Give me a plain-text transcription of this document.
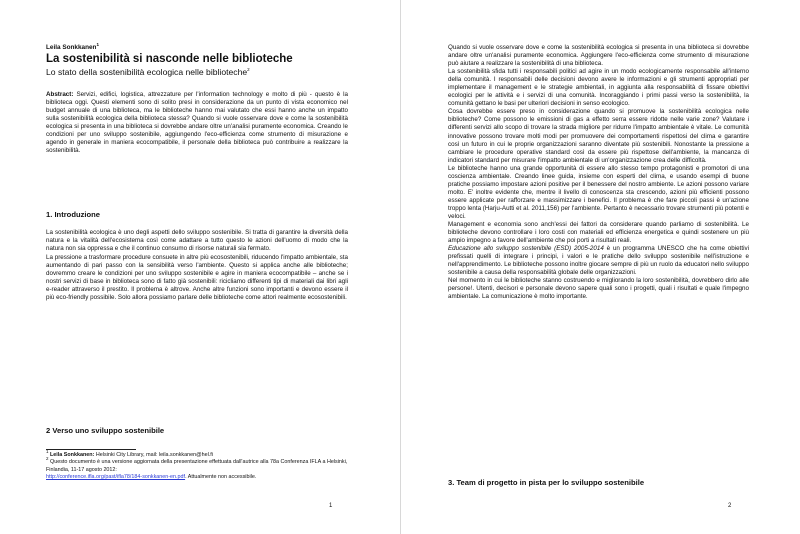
Leila Sonkkanen$^1$
La sostenibilità si nasconde nelle biblioteche
Lo stato della sostenibilità ecologica nelle biblioteche$^2$

Abstract: Servizi, edifici, logistica, attrezzature per l'information technology e molto di più - questo è la biblioteca oggi. Questi elementi sono di solito presi in considerazione da un punto di vista economico nel budget annuale di una biblioteca, ma le biblioteche hanno mai valutato che essi hanno anche un impatto sulla sostenibilità ecologica della biblioteca stessa? Quando si vuole osservare dove e come la sostenibilità ecologica si presenta in una biblioteca si dovrebbe andare oltre un'analisi puramente economica. Creando le condizioni per uno sviluppo sostenibile, aggiungendo l'eco-efficienza come strumento di misurazione e agendo in generale in maniera ecocompatibile, il personale della biblioteca può contribuire a realizzare la sostenibilità.

1. Introduzione

La sostenibilità ecologica è uno degli aspetti dello sviluppo sostenibile. Si tratta di garantire la diversità della natura e la vitalità dell'ecosistema così come adattare a tutto questo le azioni dell'uomo di modo che la natura non sia oppressa e che il continuo consumo di risorse naturali sia fermato.

La pressione a trasformare procedure consuete in altre più ecosostenibili, riducendo l'impatto ambientale, sta aumentando di pari passo con la sensibilità verso l'ambiente. Questo si applica anche alle biblioteche; dovremmo creare le condizioni per uno sviluppo sostenibile e agire in maniera ecocompatibile – anche se i nostri servizi di base in biblioteca sono di fatto già sostenibili: ricicliamo differenti tipi di materiali dai libri agli e-reader attraverso il prestito. Il problema è altrove. Anche altre funzioni sono importanti e devono essere il più eco-friendly possibile. Solo allora possiamo parlare delle biblioteche come attori realmente ecosostenibili.

2 Verso uno sviluppo sostenibile

$^1$ Leila Sonkkanen: Helsinki City Library, mail: leila.sonkkanen@hel.fi

$^2$ Questo documento è una versione aggiornata della presentazione effettuata dall'autrice alla 78a Conferenza IFLA a Helsinki, Finlandia, 11-17 agosto 2012:
http://conference.ifla.org/past/ifla78/184-sonkkanen-en.pdf. Attualmente non accessibile.

1

Quando si vuole osservare dove e come la sostenibilità ecologica si presenta in una biblioteca si dovrebbe andare oltre un'analisi puramente economica. Aggiungere l'eco-efficienza come strumento di misurazione può aiutare a realizzare la sostenibilità di una biblioteca.

La sostenibilità sfida tutti i responsabili politici ad agire in un modo ecologicamente responsabile all'interno della comunità. I responsabili delle decisioni devono avere le informazioni e gli strumenti appropriati per implementare il management e le strategie ambientali, in aggiunta alla responsabilità di fissare obiettivi ecologici per le attività e i servizi di una comunità. Incoraggiando i primi passi verso la sostenibilità, la comunità gettano le basi per ulteriori decisioni in senso ecologico.

Cosa dovrebbe essere preso in considerazione quando si promuove la sostenibilità ecologica nelle biblioteche? Come possono le emissioni di gas a effetto serra essere ridotte nelle varie zone? Valutare i differenti servizi allo scopo di trovare la strada migliore per ridurre l'impatto ambientale è vitale. Le comunità innovative possono trovare molti modi per promuovere dei comportamenti rispettosi del clima e garantire così un futuro in cui le proprie organizzazioni saranno diventate più sostenibili. Nonostante la pressione a cambiare le procedure operative standard così da essere più rispettose dell'ambiente, la mancanza di indicatori standard per misurare l'impatto ambientale di un'organizzazione crea delle difficoltà.

Le biblioteche hanno una grande opportunità di essere allo stesso tempo protagonisti e promotori di una coscienza ambientale. Creando linee guida, insieme con esperti del clima, e usando esempi di buone pratiche possiamo impostare azioni positive per il benessere del nostro ambiente. Le azioni possono variare molto. E' inoltre evidente che, mentre il livello di conoscenza sta crescendo, azioni più efficienti possono essere applicate per rafforzare e massimizzare i benefici. Il problema è che fare piccoli passi è un'azione troppo lenta (Harju-Autti et al. 2011,156) per l'ambiente. Pertanto è necessario trovare strumenti più potenti e veloci.

Management e economia sono anch'essi dei fattori da considerare quando parliamo di sostenibilità. Le biblioteche devono controllare i loro costi con materiali ed efficienza energetica e quindi sostenere un più ampio impegno a favore dell'ambiente che poi porti a risultati reali.

Educazione allo sviluppo sostenibile (ESD) 2005-2014 è un programma UNESCO che ha come obiettivi prefissati quelli di integrare i principi, i valori e le pratiche dello sviluppo sostenibile nell'istruzione e nell'apprendimento. Le biblioteche possono inoltre giocare sempre di più un ruolo da educatori nello sviluppo sostenibile a causa della responsabilità globale delle organizzazioni.

Nel momento in cui le biblioteche stanno costruendo e migliorando la loro sostenibilità, dovrebbero dirlo alle persone!. Utenti, decisori e personale devono sapere quali sono i progetti, quali i risultati e quale l'impegno ambientale. La comunicazione è molto importante.

3. Team di progetto in pista per lo sviluppo sostenibile
2
